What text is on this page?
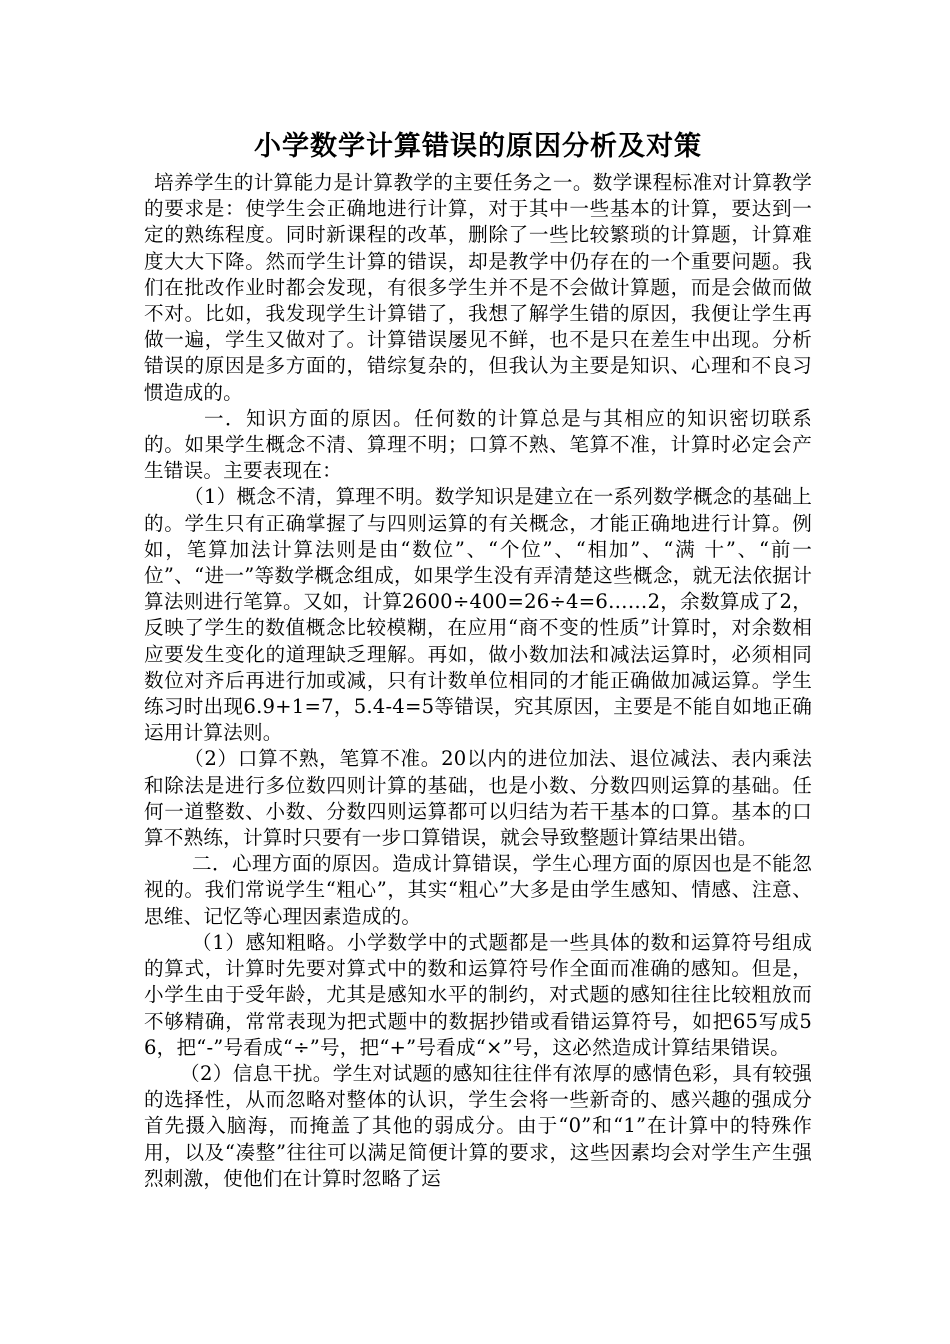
小学数学计算错误的原因分析及对策

培养学生的计算能力是计算教学的主要任务之一。数学课程标准对计算教学的要求是：使学生会正确地进行计算，对于其中一些基本的计算，要达到一定的熟练程度。同时新课程的改革，删除了一些比较繁琐的计算题，计算难度大大下降。然而学生计算的错误，却是教学中仍存在的一个重要问题。我们在批改作业时都会发现，有很多学生并不是不会做计算题，而是会做而做不对。比如，我发现学生计算错了，我想了解学生错的原因，我便让学生再做一遍，学生又做对了。计算错误屡见不鲜，也不是只在差生中出现。分析错误的原因是多方面的，错综复杂的，但我认为主要是知识、心理和不良习惯造成的。

一．知识方面的原因。任何数的计算总是与其相应的知识密切联系的。如果学生概念不清、算理不明；口算不熟、笔算不准，计算时必定会产生错误。主要表现在：

（1）概念不清，算理不明。数学知识是建立在一系列数学概念的基础上的。学生只有正确掌握了与四则运算的有关概念，才能正确地进行计算。例如，笔算加法计算法则是由“数位”、“个位”、“相加”、“满 十”、“前一位”、“进一”等数学概念组成，如果学生没有弄清楚这些概念，就无法依据计算法则进行笔算。又如，计算2600÷400=26÷4=6……2，余数算成了2，反映了学生的数值概念比较模糊，在应用“商不变的性质”计算时，对余数相应要发生变化的道理缺乏理解。再如，做小数加法和减法运算时，必须相同数位对齐后再进行加或减，只有计数单位相同的才能正确做加减运算。学生练习时出现6.9+1=7，5.4-4=5等错误，究其原因，主要是不能自如地正确运用计算法则。

（2）口算不熟，笔算不准。20以内的进位加法、退位减法、表内乘法和除法是进行多位数四则计算的基础，也是小数、分数四则运算的基础。任何一道整数、小数、分数四则运算都可以归结为若干基本的口算。基本的口算不熟练，计算时只要有一步口算错误，就会导致整题计算结果出错。

二．心理方面的原因。造成计算错误，学生心理方面的原因也是不能忽视的。我们常说学生“粗心”，其实“粗心”大多是由学生感知、情感、注意、思维、记忆等心理因素造成的。

（1）感知粗略。小学数学中的式题都是一些具体的数和运算符号组成的算式，计算时先要对算式中的数和运算符号作全面而准确的感知。但是，小学生由于受年龄，尤其是感知水平的制约，对式题的感知往往比较粗放而不够精确，常常表现为把式题中的数据抄错或看错运算符号，如把65写成56，把“-”号看成“÷”号，把“+”号看成“×”号，这必然造成计算结果错误。

（2）信息干扰。学生对试题的感知往往伴有浓厚的感情色彩，具有较强的选择性，从而忽略对整体的认识，学生会将一些新奇的、感兴趣的强成分首先摄入脑海，而掩盖了其他的弱成分。由于“0”和“1”在计算中的特殊作用，以及“凑整”往往可以满足简便计算的要求，这些因素均会对学生产生强烈刺激，使他们在计算时忽略了运
